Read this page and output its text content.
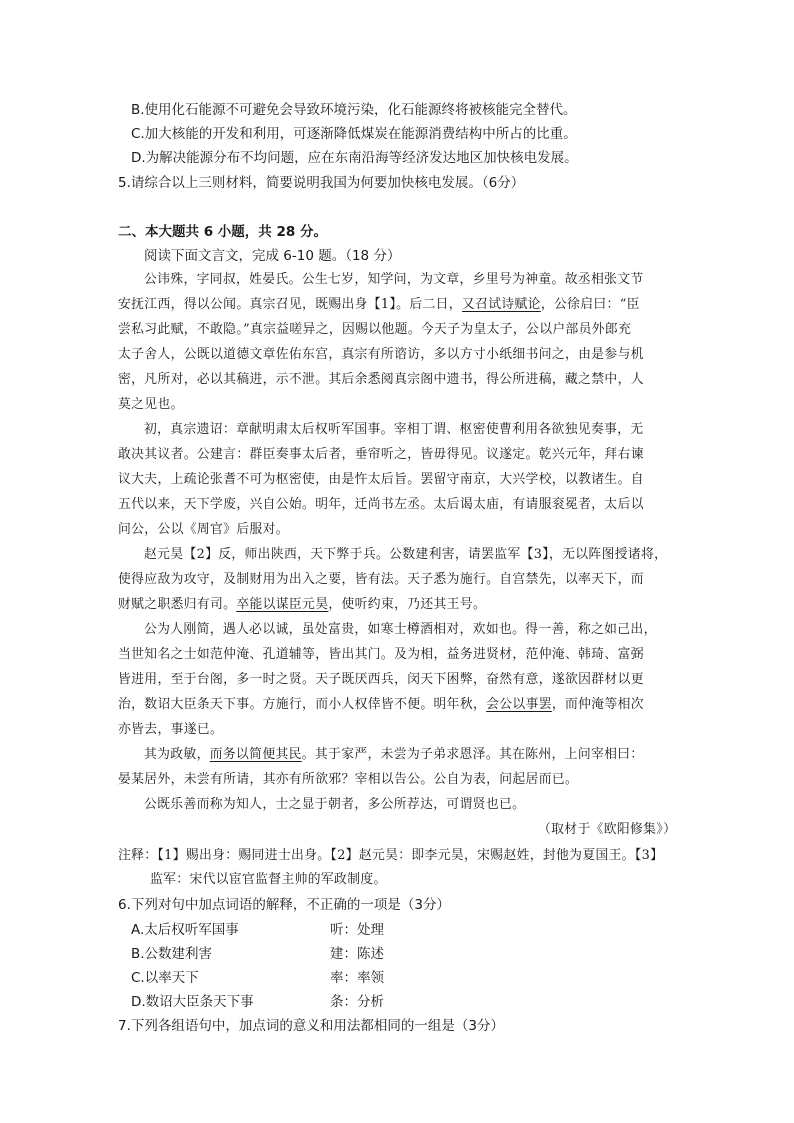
B.使用化石能源不可避免会导致环境污染，化石能源终将被核能完全替代。
C.加大核能的开发和利用，可逐渐降低煤炭在能源消费结构中所占的比重。
D.为解决能源分布不均问题，应在东南沿海等经济发达地区加快核电发展。
5.请综合以上三则材料，简要说明我国为何要加快核电发展。（6分）
二、本大题共 6 小题，共 28 分。
阅读下面文言文，完成 6-10 题。（18 分）
公讳殊，字同叔，姓晏氏。公生七岁，知学问，为文章，乡里号为神童。故丞相张文节
安抚江西，得以公闻。真宗召见，既赐出身【1】。后二日，又召试诗赋论，公徐启曰：“臣
尝私习此赋，不敢隐。”真宗益嗟异之，因赐以他题。今天子为皇太子，公以户部员外郎充
太子舍人，公既以道德文章佐佑东宫，真宗有所谘访，多以方寸小纸细书问之，由是参与机
密，凡所对，必以其稿进，示不泄。其后余悉阅真宗阁中遗书，得公所进稿，藏之禁中，人
莫之见也。
初，真宗遗诏：章献明肃太后权听军国事。宰相丁谓、枢密使曹利用各欲独见奏事，无
敢决其议者。公建言：群臣奏事太后者，垂帘听之，皆毋得见。议遂定。乾兴元年，拜右谏
议大夫，上疏论张耆不可为枢密使，由是忤太后旨。罢留守南京，大兴学校，以教诸生。自
五代以来，天下学废，兴自公始。明年，迁尚书左丞。太后谒太庙，有请服衮冕者，太后以
问公，公以《周官》后服对。
赵元昊【2】反，师出陕西，天下弊于兵。公数建利害，请罢监军【3】，无以阵图授诸将，
使得应敌为攻守，及制财用为出入之要，皆有法。天子悉为施行。自宫禁先，以率天下，而
财赋之职悉归有司。卒能以谋臣元昊，使听约束，乃还其王号。
公为人刚简，遇人必以诚，虽处富贵，如寒士樽酒相对，欢如也。得一善，称之如己出，
当世知名之士如范仲淹、孔道辅等，皆出其门。及为相，益务进贤材，范仲淹、韩琦、富弼
皆进用，至于台阁，多一时之贤。天子既厌西兵，闵天下困弊，奋然有意，遂欲因群材以更
治，数诏大臣条天下事。方施行，而小人权倖皆不便。明年秋，会公以事罢，而仲淹等相次
亦皆去，事遂已。
其为政敏，而务以简便其民。其于家严，未尝为子弟求恩泽。其在陈州，上问宰相曰：
晏某居外，未尝有所请，其亦有所欲邪？宰相以告公。公自为表，问起居而已。
公既乐善而称为知人，士之显于朝者，多公所荐达，可谓贤也已。
（取材于《欧阳修集》）
注释：【1】赐出身：赐同进士出身。【2】赵元昊：即李元昊，宋赐赵姓，封他为夏国王。【3】
监军：宋代以宦官监督主帅的军政制度。
6.下列对句中加点词语的解释，不正确的一项是（3分）
A.太后权听军国事	听：处理
B.公数建利害	建：陈述
C.以率天下	率：率领
D.数诏大臣条天下事	条：分析
7.下列各组语句中，加点词的意义和用法都相同的一组是（3分）
